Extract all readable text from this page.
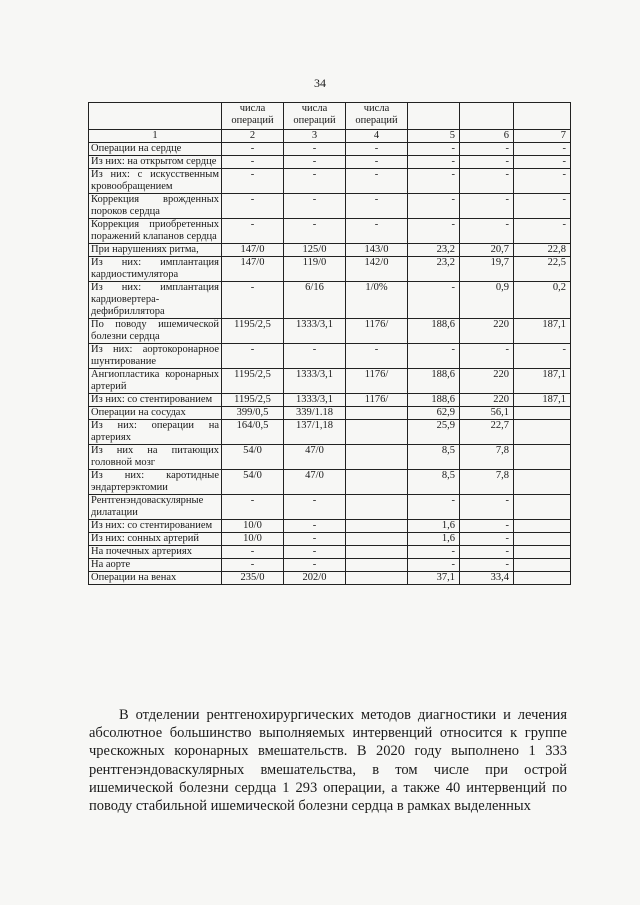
34
	числа операций	числа операций	числа операций			
1	2	3	4	5	6	7
Операции на сердце	-	-	-	-	-	-
Из них: на открытом сердце	-	-	-	-	-	-
Из них: с искусственным кровообращением	-	-	-	-	-	-
Коррекция врожденных пороков сердца	-	-	-	-	-	-
Коррекция приобретенных поражений клапанов сердца	-	-	-	-	-	-
При нарушениях ритма,	147/0	125/0	143/0	23,2	20,7	22,8
Из них: имплантация кардиостимулятора	147/0	119/0	142/0	23,2	19,7	22,5
Из них: имплантация кардиовертера-дефибриллятора	-	6/16	1/0%	-	0,9	0,2
По поводу ишемической болезни сердца	1195/2,5	1333/3,1	1176/	188,6	220	187,1
Из них: аортокоронарное шунтирование	-	-	-	-	-	-
Ангиопластика коронарных артерий	1195/2,5	1333/3,1	1176/	188,6	220	187,1
Из них: со стентированием	1195/2,5	1333/3,1	1176/	188,6	220	187,1
Операции на сосудах	399/0,5	339/1.18		62,9	56,1	
Из них: операции на артериях	164/0,5	137/1,18		25,9	22,7	
Из них на питающих головной мозг	54/0	47/0		8,5	7,8	
Из них: каротидные эндартерэктомии	54/0	47/0		8,5	7,8	
Рентгенэндоваскулярные дилатации	-	-		-	-	
Из них: со стентированием	10/0	-		1,6	-	
Из них: сонных артерий	10/0	-		1,6	-	
На почечных артериях	-	-		-	-	
На аорте	-	-		-	-	
Операции на венах	235/0	202/0		37,1	33,4	

В отделении рентгенохирургических методов диагностики и лечения абсолютное большинство выполняемых интервенций относится к группе чрескожных коронарных вмешательств. В 2020 году выполнено 1 333 рентгенэндоваскулярных вмешательства, в том числе при острой ишемической болезни сердца 1 293 операции, а также 40 интервенций по поводу стабильной ишемической болезни сердца в рамках выделенных
